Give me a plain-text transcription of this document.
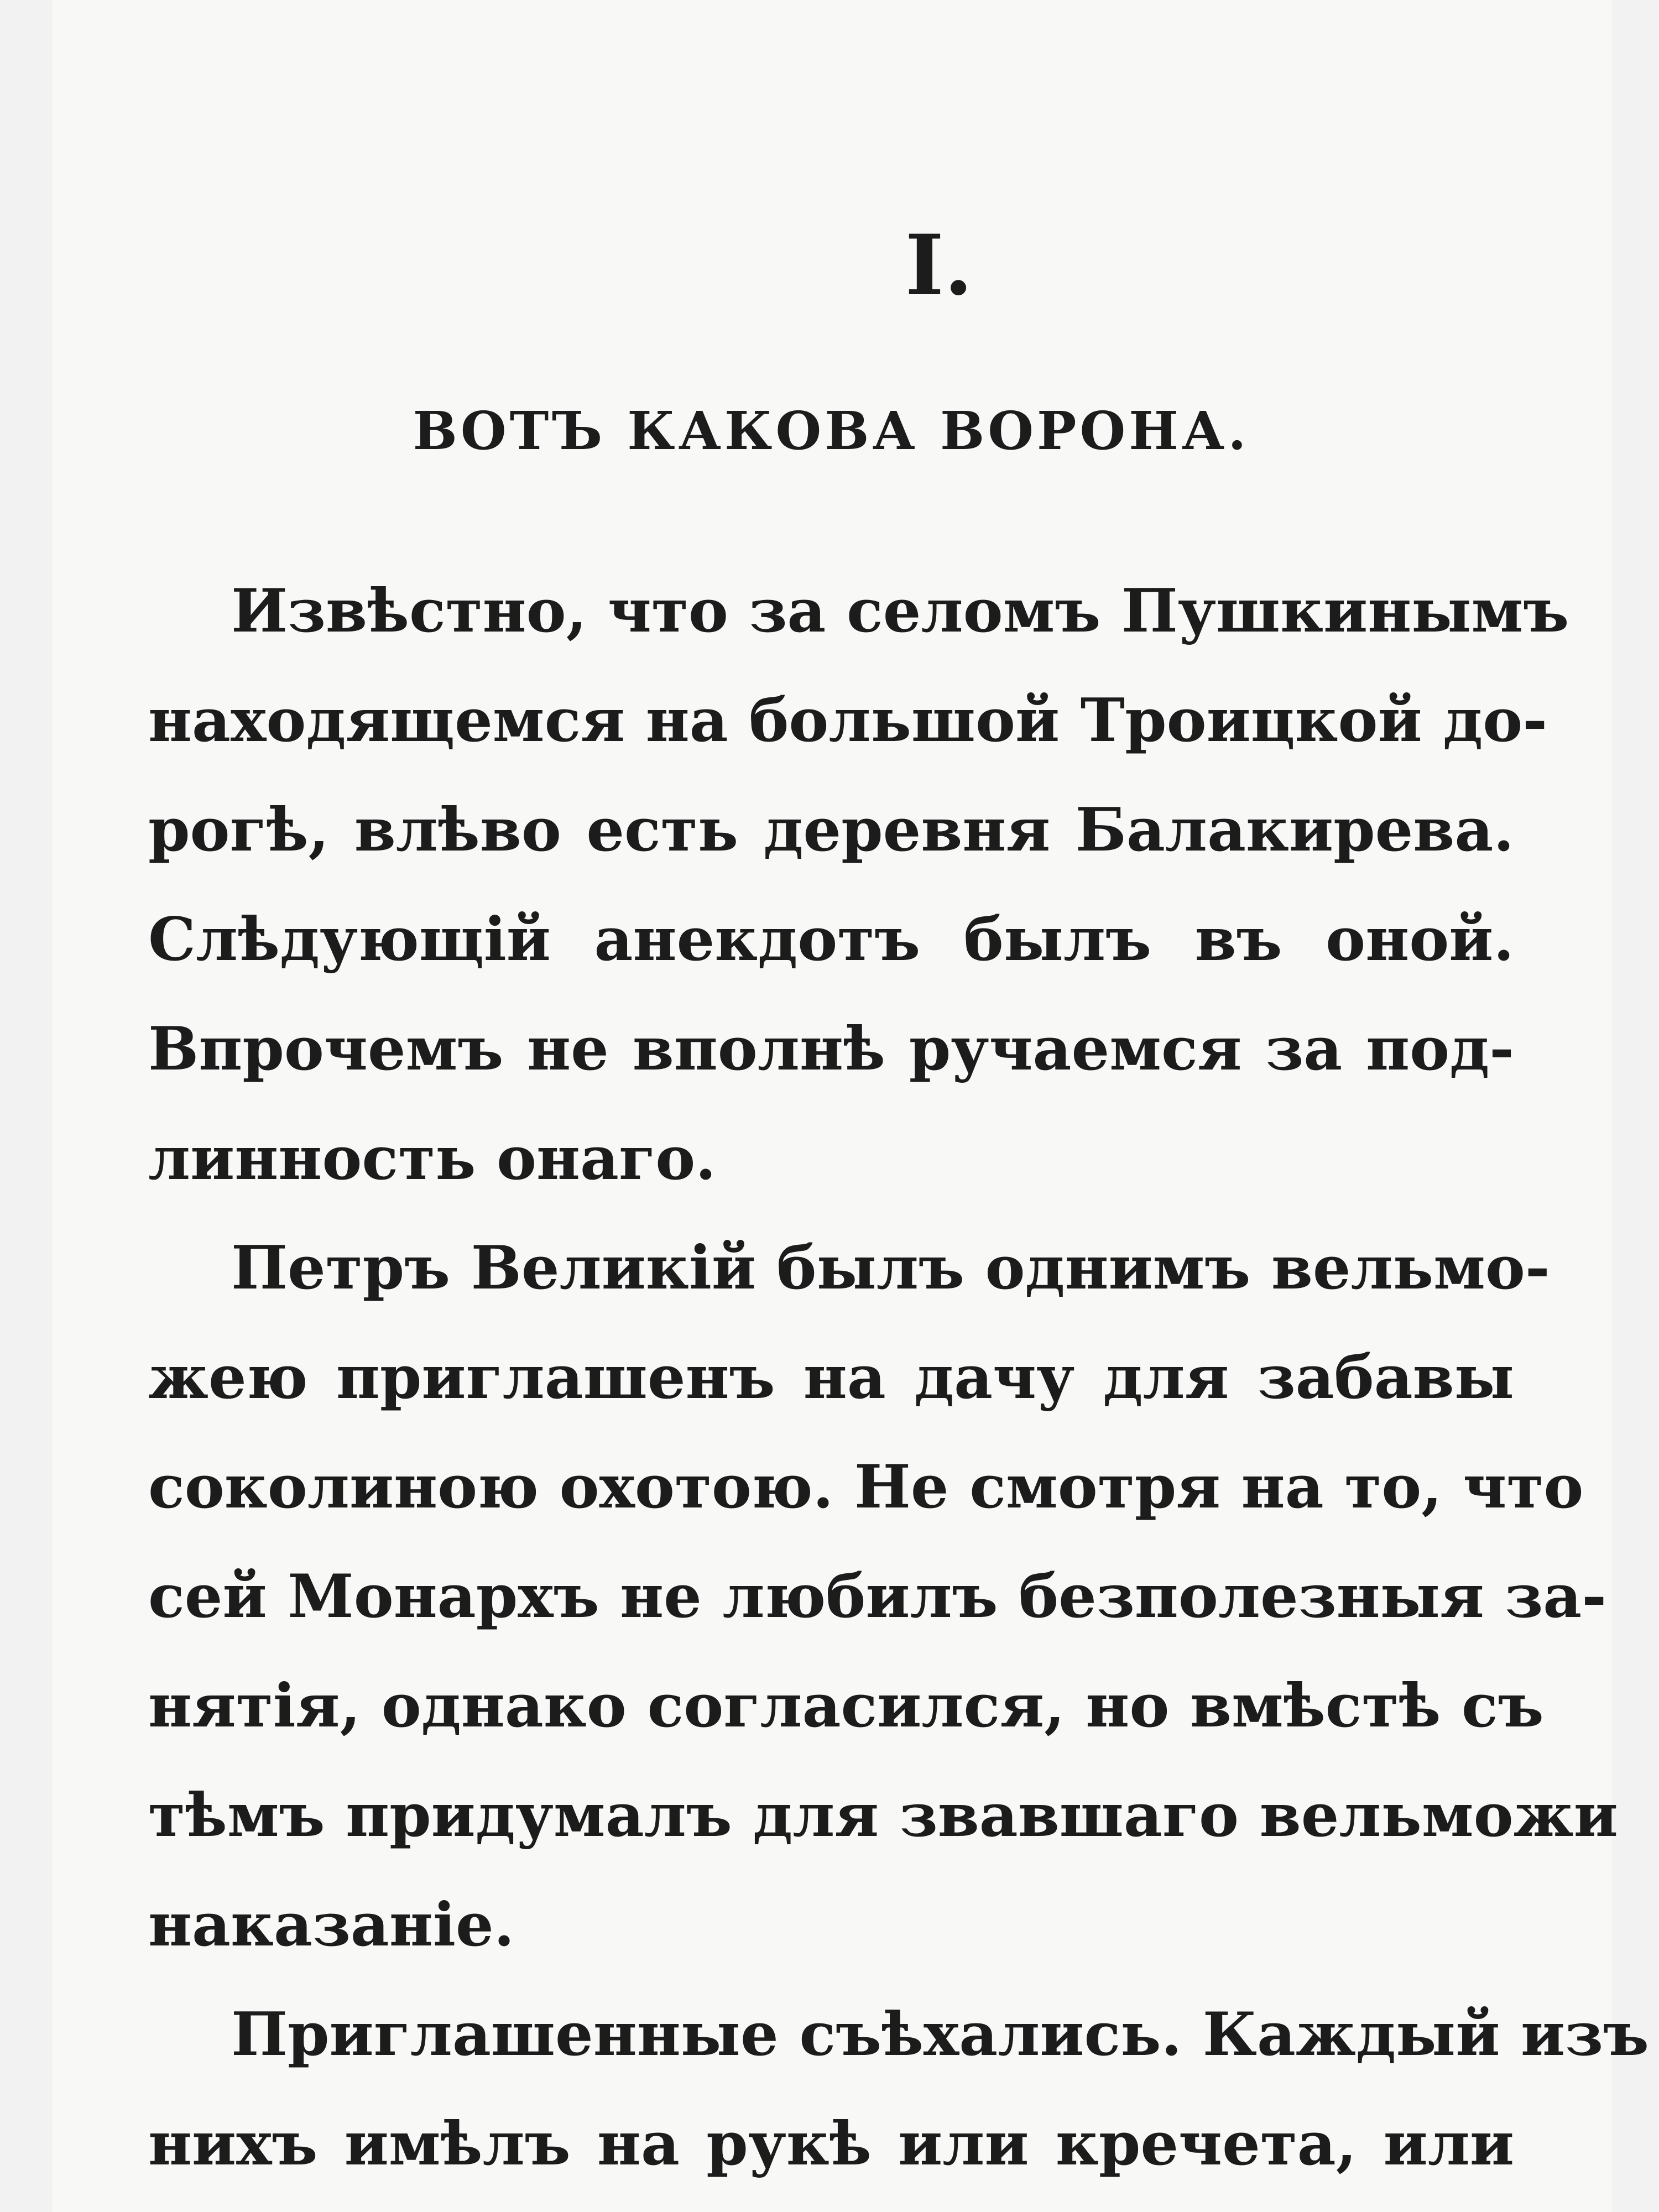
I.
ВОТЪ КАКОВА ВОРОНА.
Извѣстно, что за селомъ Пушкинымъ
находящемся на большой Троицкой до-
рогѣ, влѣво есть деревня Балакирева.
Слѣдующій анекдотъ былъ въ оной.
Впрочемъ не вполнѣ ручаемся за под-
линность онаго.
Петръ Великій былъ однимъ вельмо-
жею приглашенъ на дачу для забавы
соколиною охотою. Не смотря на то, что
сей Монархъ не любилъ безполезныя за-
нятія, однако согласился, но вмѣстѣ съ
тѣмъ придумалъ для звавшаго вельможи
наказаніе.
Приглашенные съѣхались. Каждый изъ
нихъ имѣлъ на рукѣ или кречета, или
